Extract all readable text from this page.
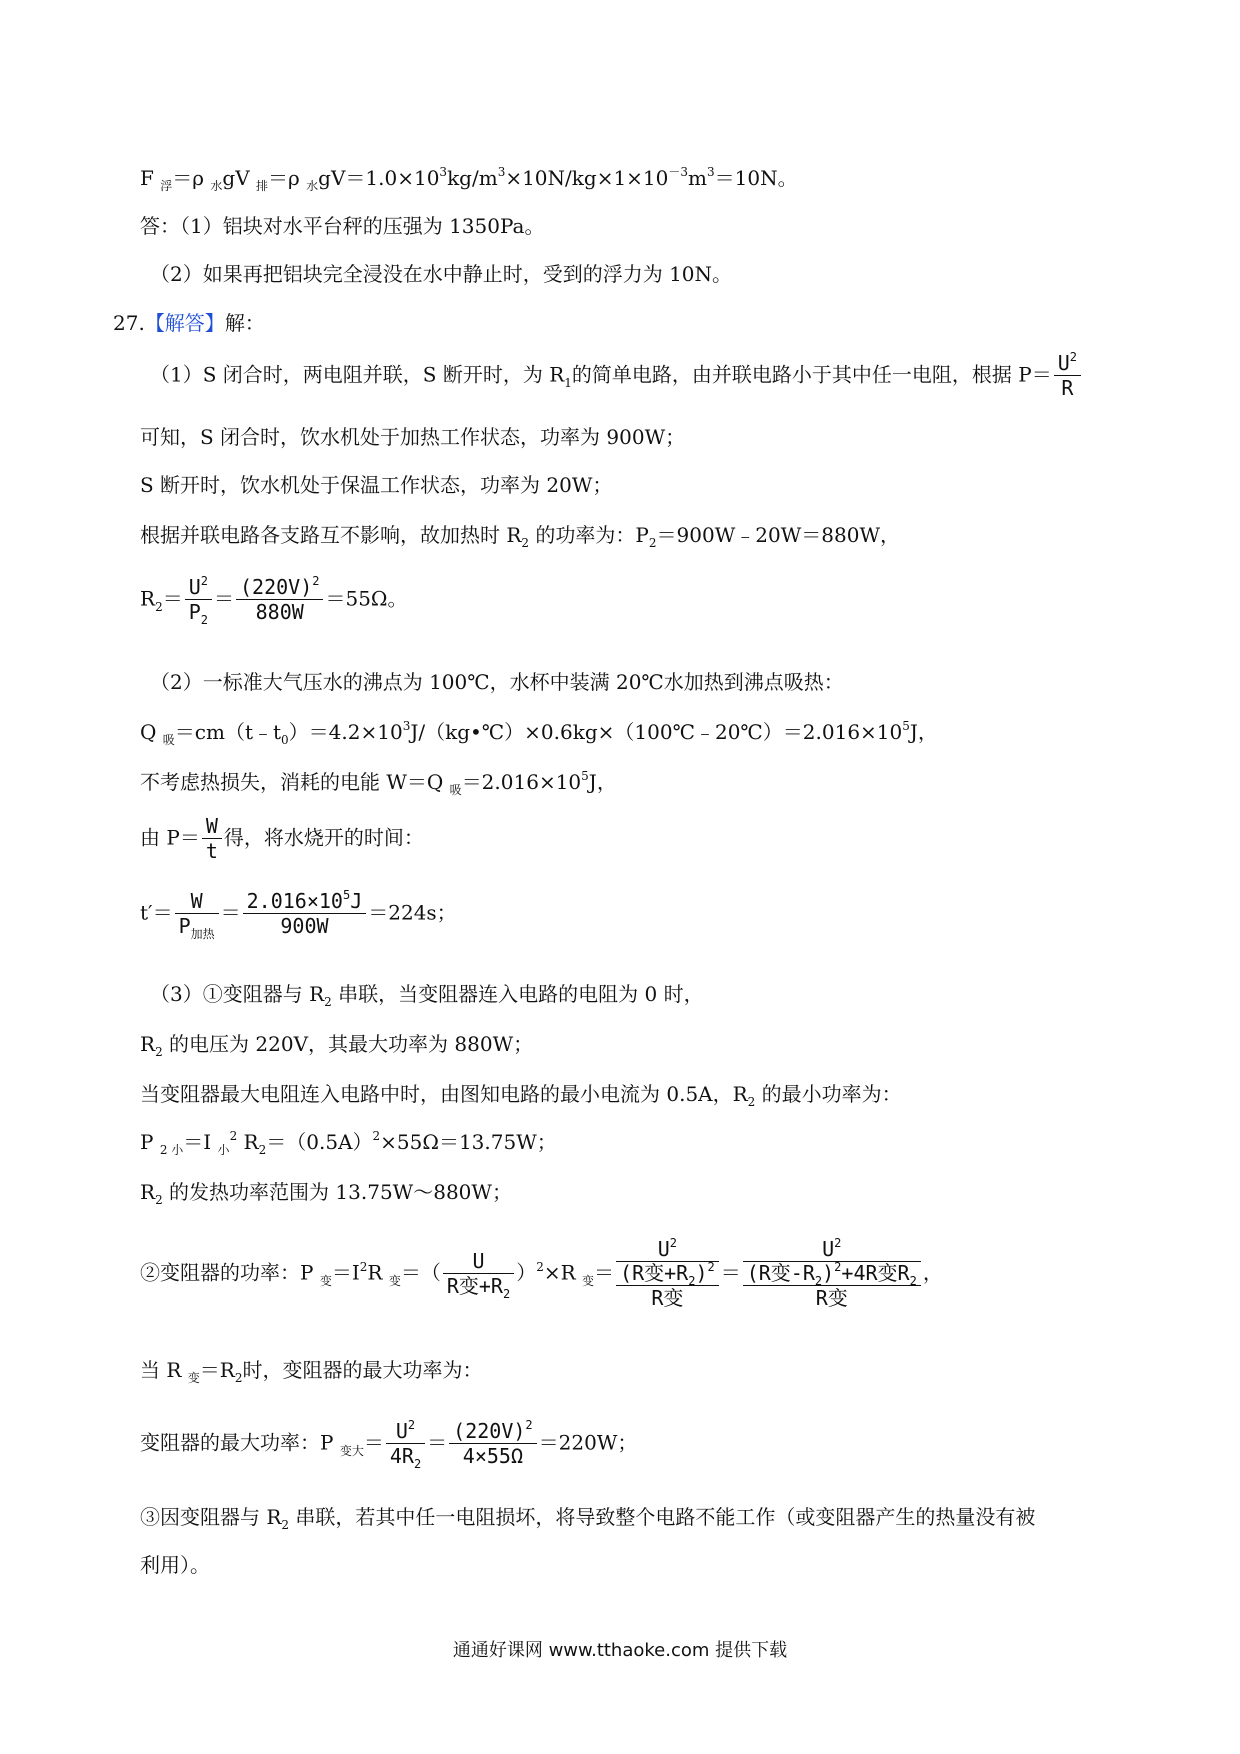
F $_浮$＝ρ $_水$gV $_排$＝ρ $_水gV=1.0\times 10^3kg/m^3\times 10N/kg\times 1\times 10^{-3}m^3=10N$。
答：（1）铝块对水平台秤的压强为 1350Pa。
（2）如果再把铝块完全浸没在水中静止时，受到的浮力为 10N。
27.【解答】解：
（1）S 闭合时，两电阻并联，S 断开时，为 $R_1$的简单电路，由并联电路小于其中任一电阻，根据 $P= \frac{U^2}{R}$
可知，S 闭合时，饮水机处于加热工作状态，功率为 900W；
S 断开时，饮水机处于保温工作状态，功率为 20W；
根据并联电路各支路互不影响，故加热时 $R_2$ 的功率为：$P_2=900W﹣20W=880W$，
$R_2= \frac{U^2}{P_2} = \frac{(220V)^2}{880W} =55\Omega$。
（2）一标准大气压水的沸点为 100℃，水杯中装满 20℃水加热到沸点吸热：
Q $_吸=cm(t﹣t_0)=4.2\times 10^3J/(kg•℃)\times 0.6kg\times(100℃﹣20℃)=2.016\times 10^5J$，
不考虑热损失，消耗的电能 W＝Q $_吸=2.016\times 10^5J$，
由 $P= \frac{W}{t}$ 得，将水烧开的时间：
$t'= \frac{W}{P_{加热}} = \frac{2.016\times 10^5J}{900W} =224s$；
（3）①变阻器与 $R_2$ 串联，当变阻器连入电路的电阻为 0 时，
$R_2$ 的电压为 220V，其最大功率为 880W；
当变阻器最大电阻连入电路中时，由图知电路的最小电流为 0.5A，$R_2$ 的最小功率为：
P $_{2 小}$＝I $_小^2$ $R_2=(0.5A)^2\times 55\Omega=13.75W$；
$R_2$ 的发热功率范围为 13.75W～880W；
②变阻器的功率：P $_变=I^2R$ $_变=( \frac{U}{R变+R_2} )^2\times R$ $_变$＝
$U^2$
(R变$+R_2)^2$
R变
＝
$U^2$
(R变$-R_2)^2+4R$变$R_2$
R变
，
当 R $_变=R_2$时，变阻器的最大功率为：
变阻器的最大功率：P $_{变大}= \frac{U^2}{4R_2} = \frac{(220V)^2}{4\times 55\Omega} =220W$；
③因变阻器与 $R_2$ 串联，若其中任一电阻损坏，将导致整个电路不能工作（或变阻器产生的热量没有被
利用）。
通通好课网 www.tthaoke.com 提供下载
